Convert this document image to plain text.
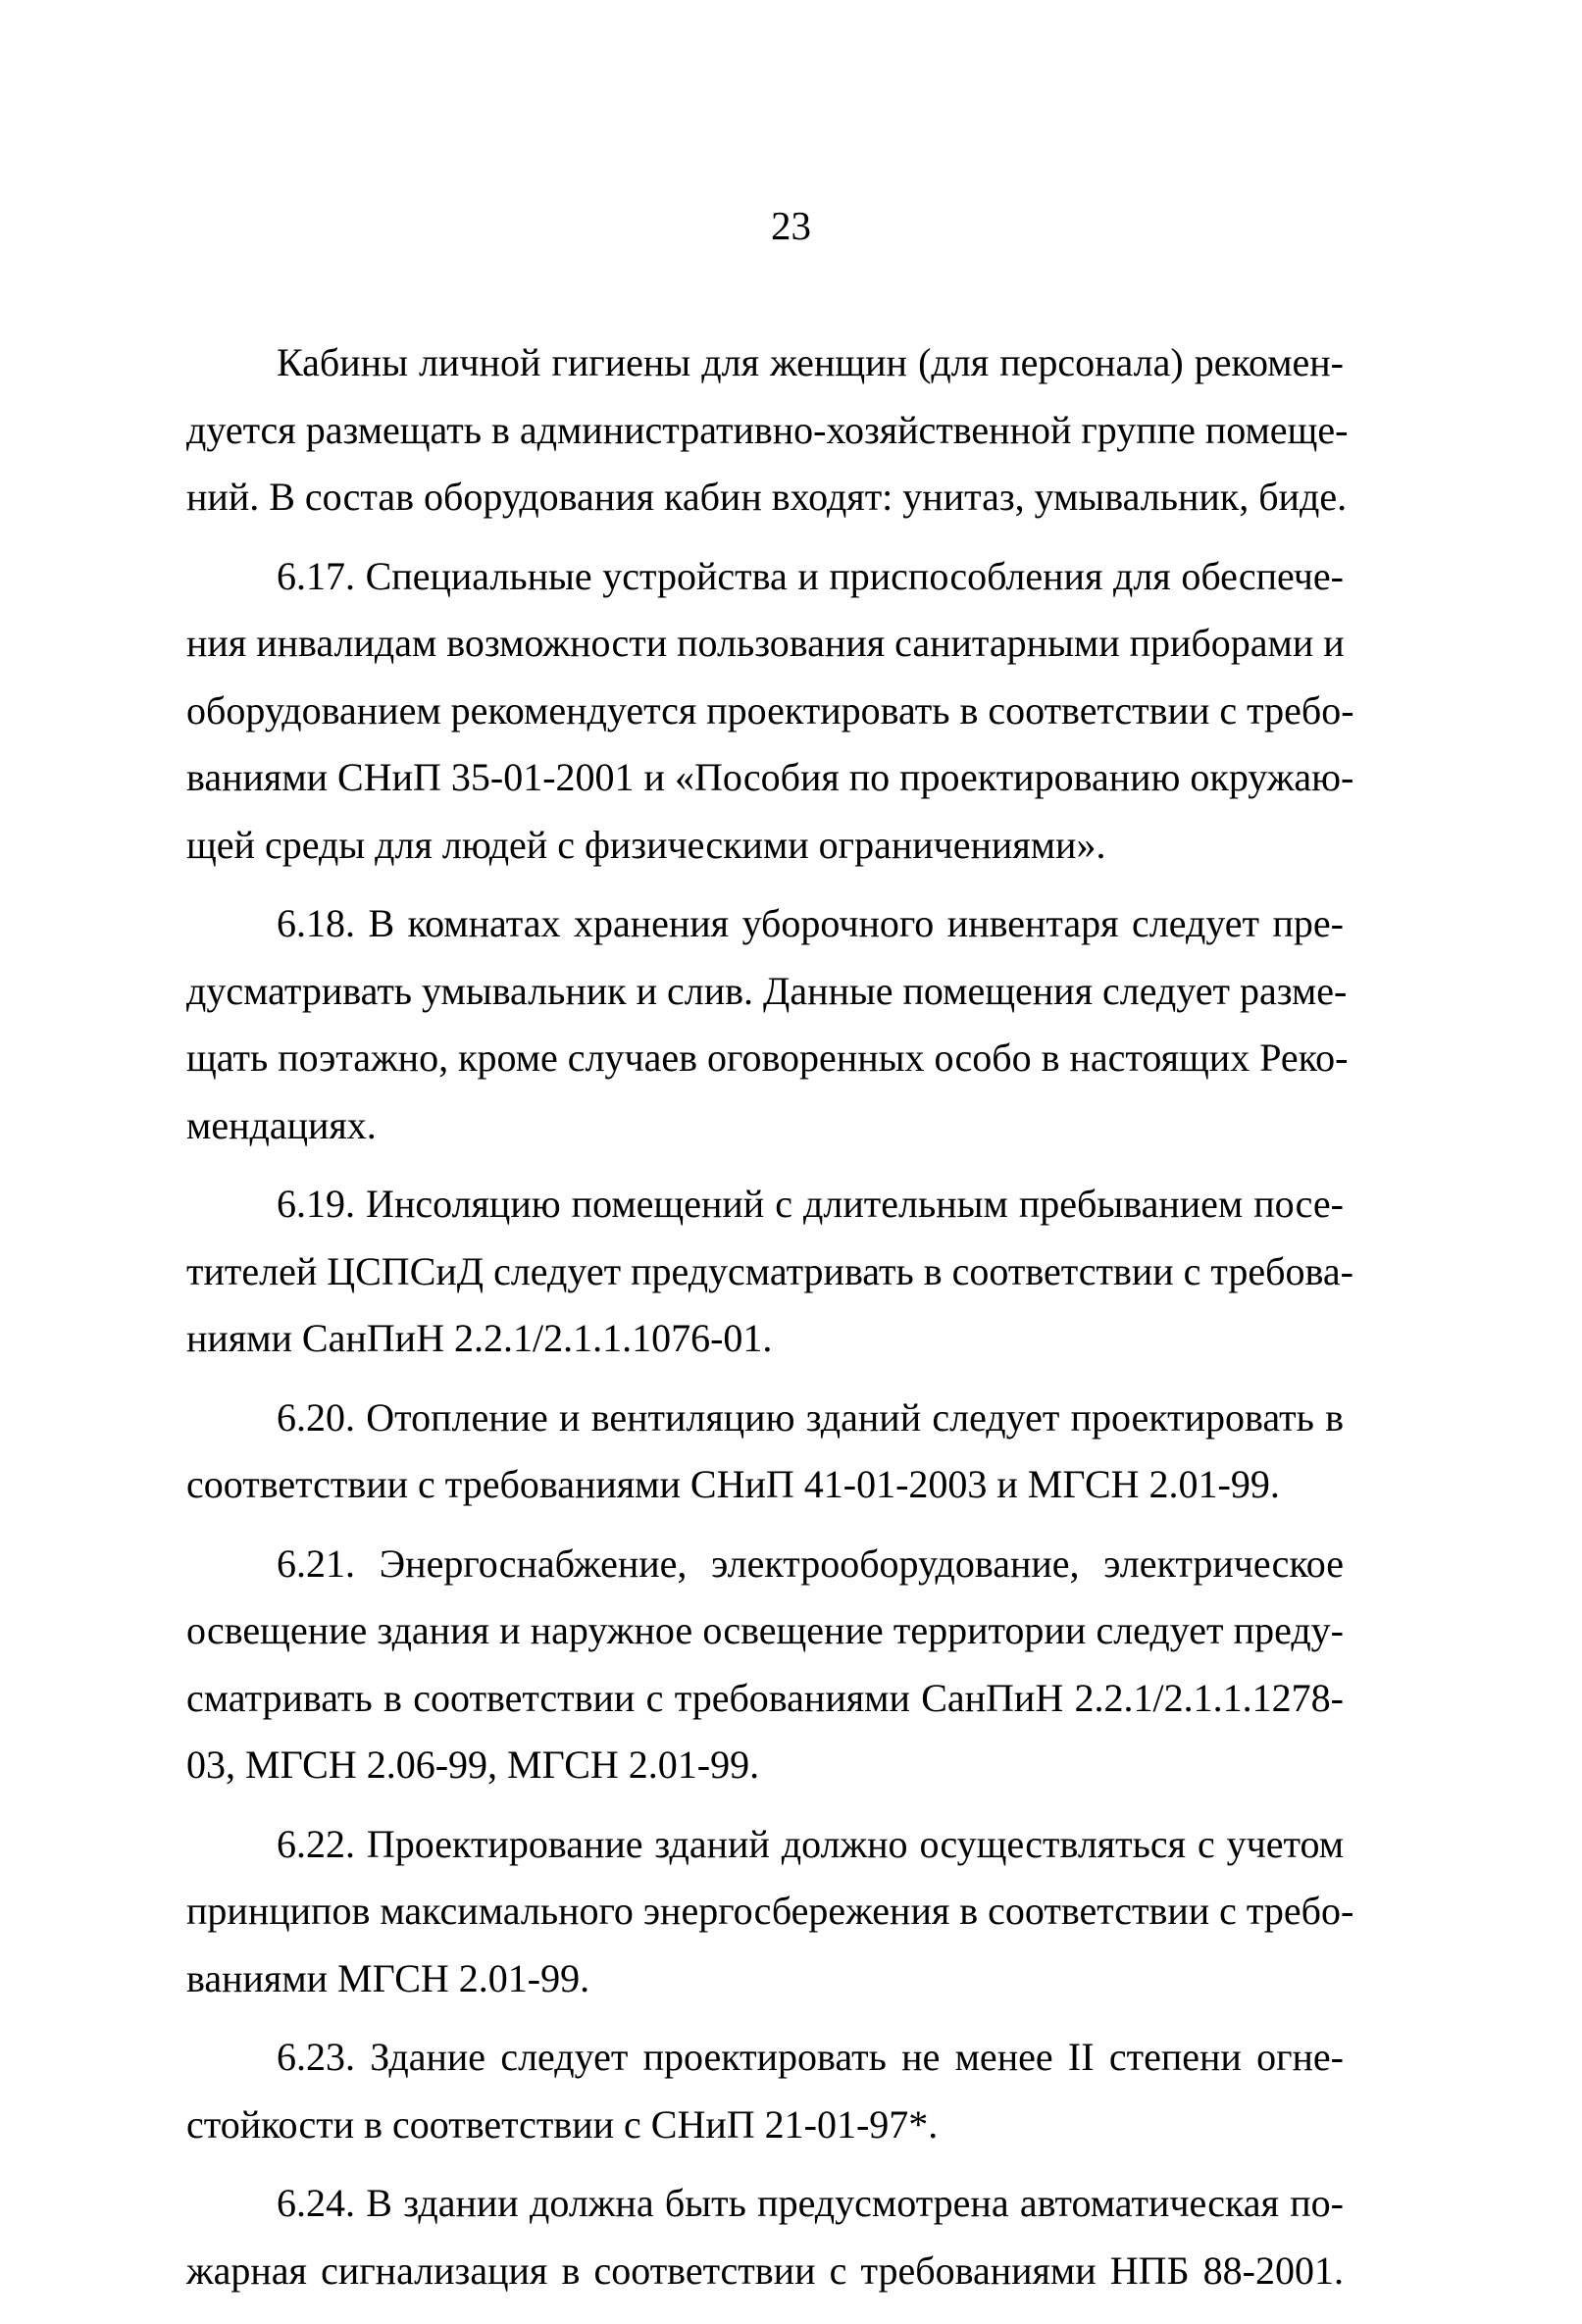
23
Кабины личной гигиены для женщин (для персонала) рекомен-
дуется размещать в административно-хозяйственной группе помеще-
ний. В состав оборудования кабин входят: унитаз, умывальник, биде.
6.17. Специальные устройства и приспособления для обеспече-
ния инвалидам возможности пользования санитарными приборами и
оборудованием рекомендуется проектировать в соответствии с требо-
ваниями СНиП 35-01-2001 и «Пособия по проектированию окружаю-
щей среды для людей с физическими ограничениями».
6.18. В комнатах хранения уборочного инвентаря следует пре-
дусматривать умывальник и слив. Данные помещения следует разме-
щать поэтажно, кроме случаев оговоренных особо в настоящих Реко-
мендациях.
6.19. Инсоляцию помещений с длительным пребыванием посе-
тителей ЦСПСиД следует предусматривать в соответствии с требова-
ниями СанПиН 2.2.1/2.1.1.1076-01.
6.20. Отопление и вентиляцию зданий следует проектировать в
соответствии с требованиями СНиП 41-01-2003 и МГСН 2.01-99.
6.21. Энергоснабжение, электрооборудование, электрическое
освещение здания и наружное освещение территории следует преду-
сматривать в соответствии с требованиями СанПиН 2.2.1/2.1.1.1278-
03, МГСН 2.06-99, МГСН 2.01-99.
6.22. Проектирование зданий должно осуществляться с учетом
принципов максимального энергосбережения в соответствии с требо-
ваниями МГСН 2.01-99.
6.23. Здание следует проектировать не менее II степени огне-
стойкости в соответствии с СНиП 21-01-97*.
6.24. В здании должна быть предусмотрена автоматическая по-
жарная сигнализация в соответствии с требованиями НПБ 88-2001.
